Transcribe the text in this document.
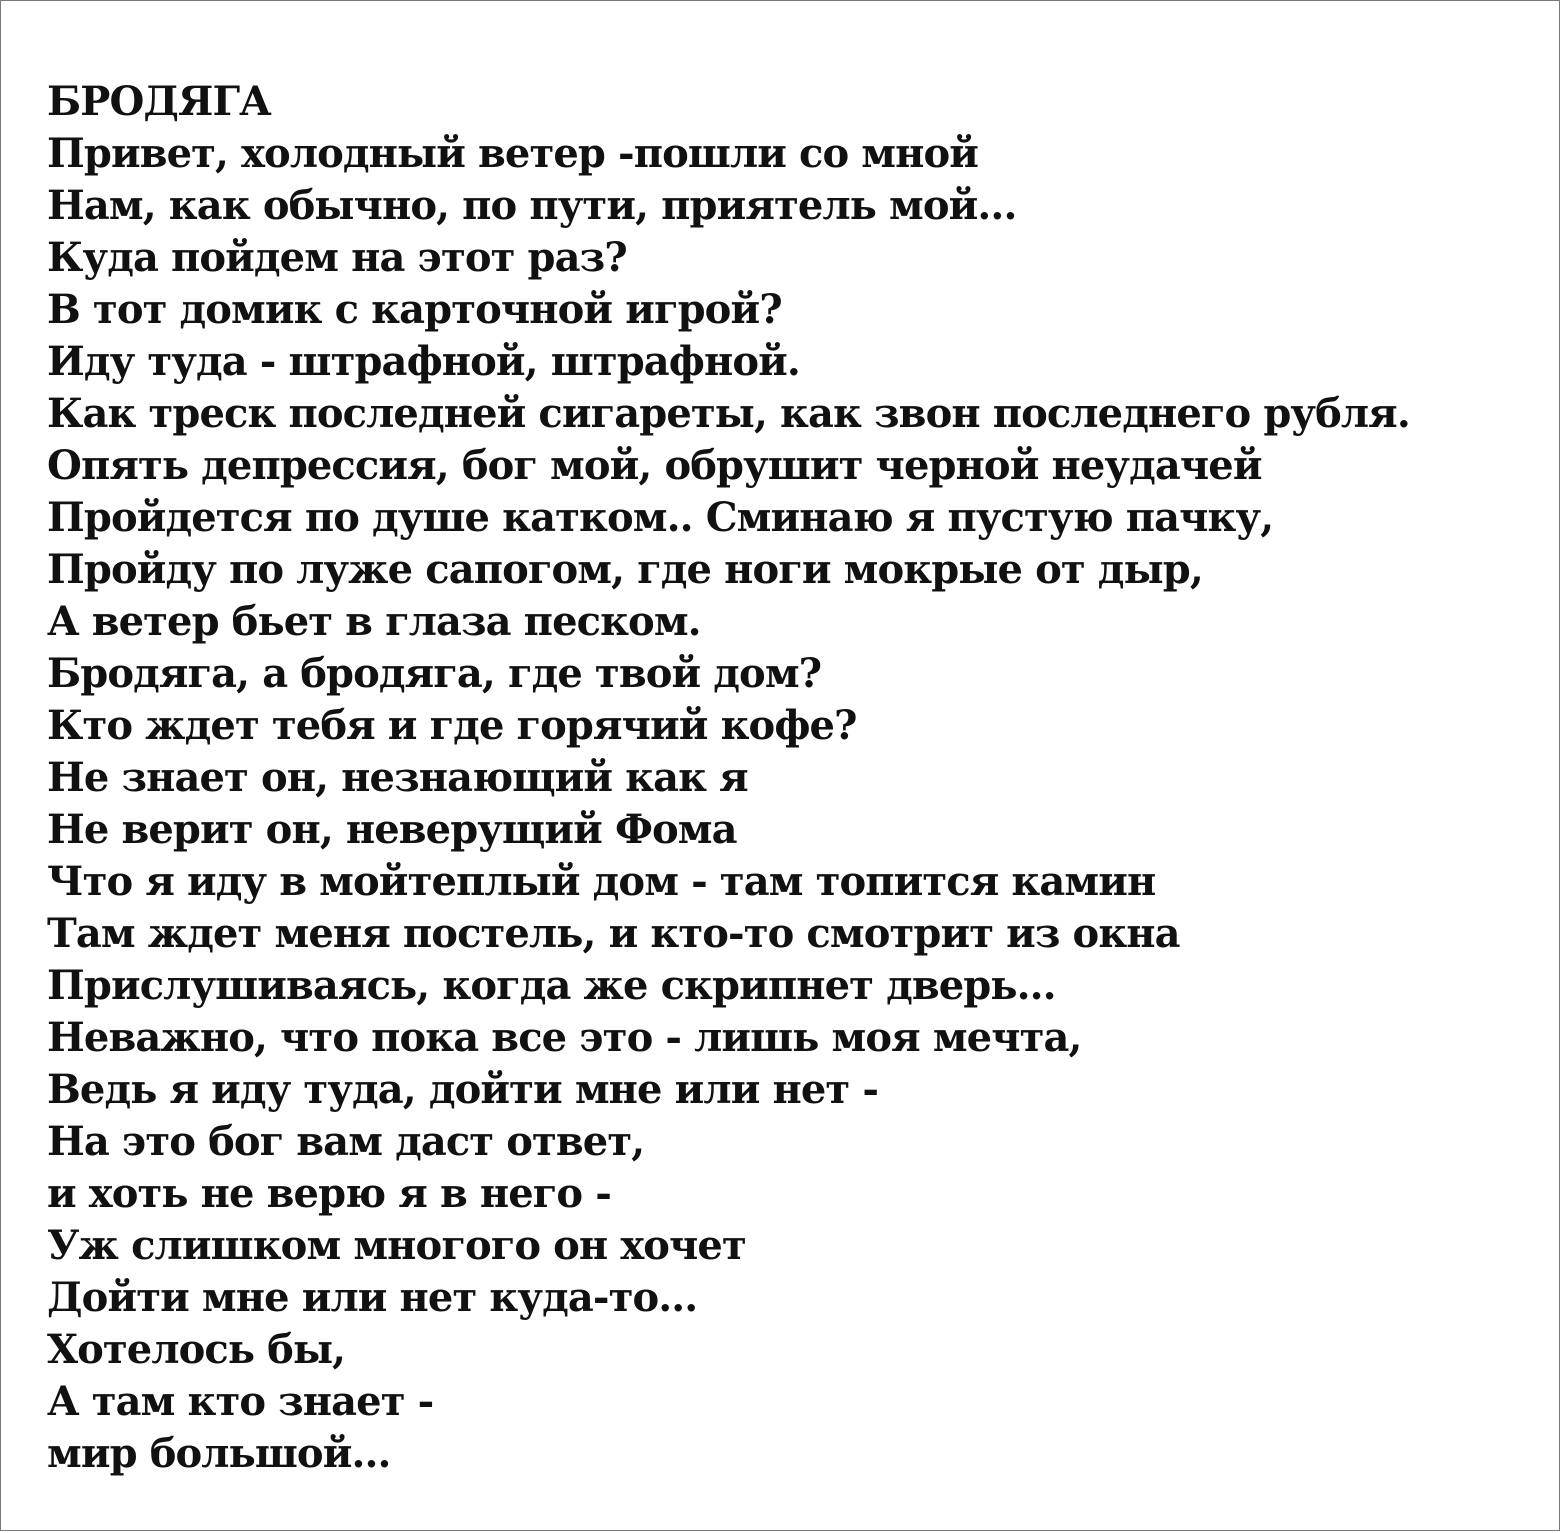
БРОДЯГА
Привет, холодный ветер -пошли со мной
Нам, как обычно, по пути, приятель мой...
Куда пойдем на этот раз?
В тот домик с карточной игрой?
Иду туда - штрафной, штрафной.
Как треск последней сигареты, как звон последнего рубля.
Опять депрессия, бог мой, обрушит черной неудачей
Пройдется по душе катком.. Сминаю я пустую пачку,
Пройду по луже сапогом, где ноги мокрые от дыр,
А ветер бьет в глаза песком.
Бродяга, а бродяга, где твой дом?
Кто ждет тебя и где горячий кофе?
Не знает он, незнающий как я
Не верит он, неверущий Фома
Что я иду в мойтеплый дом - там топится камин
Там ждет меня постель, и кто-то смотрит из окна
Прислушиваясь, когда же скрипнет дверь...
Неважно, что пока все это - лишь моя мечта,
Ведь я иду туда, дойти мне или нет -
На это бог вам даст ответ,
и хоть не верю я в него -
Уж слишком многого он хочет
Дойти мне или нет куда-то...
Хотелось бы,
А там кто знает -
мир большой...
